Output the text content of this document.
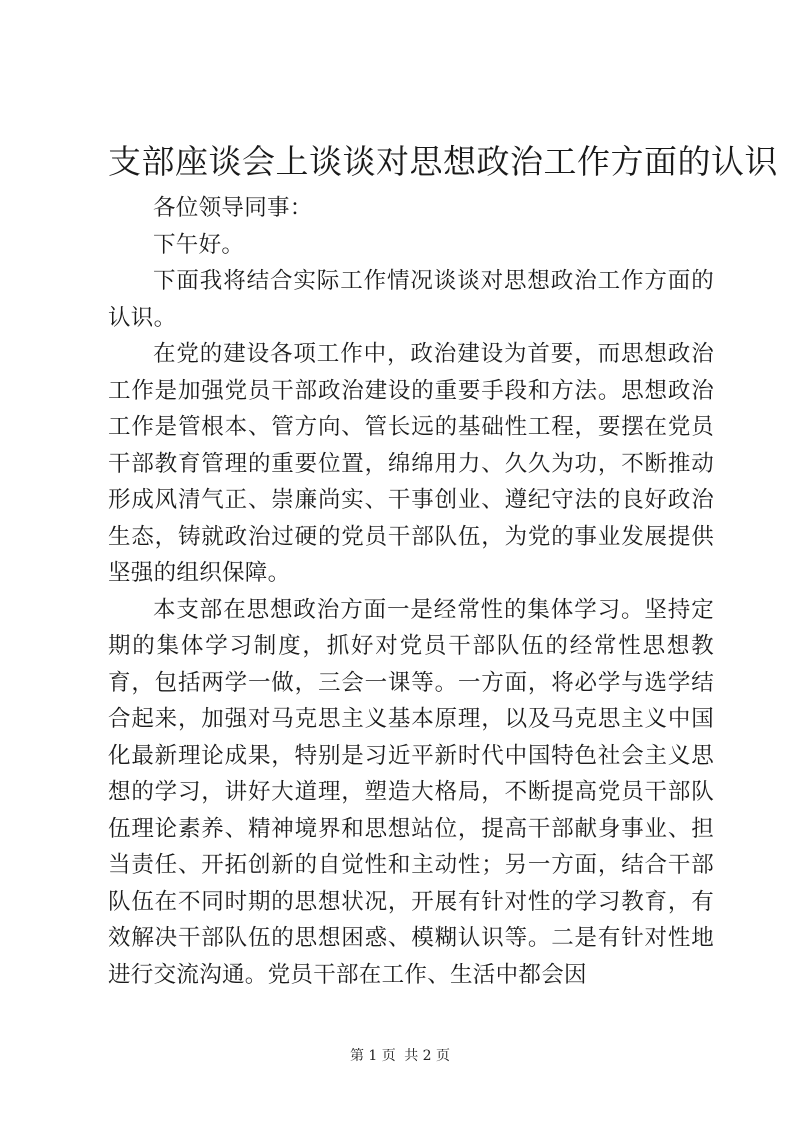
支部座谈会上谈谈对思想政治工作方面的认识

各位领导同事：

下午好。

下面我将结合实际工作情况谈谈对思想政治工作方面的认识。

在党的建设各项工作中，政治建设为首要，而思想政治工作是加强党员干部政治建设的重要手段和方法。思想政治工作是管根本、管方向、管长远的基础性工程，要摆在党员干部教育管理的重要位置，绵绵用力、久久为功，不断推动形成风清气正、崇廉尚实、干事创业、遵纪守法的良好政治生态，铸就政治过硬的党员干部队伍，为党的事业发展提供坚强的组织保障。

本支部在思想政治方面一是经常性的集体学习。坚持定期的集体学习制度，抓好对党员干部队伍的经常性思想教育，包括两学一做，三会一课等。一方面，将必学与选学结合起来，加强对马克思主义基本原理，以及马克思主义中国化最新理论成果，特别是习近平新时代中国特色社会主义思想的学习，讲好大道理，塑造大格局，不断提高党员干部队伍理论素养、精神境界和思想站位，提高干部献身事业、担当责任、开拓创新的自觉性和主动性；另一方面，结合干部队伍在不同时期的思想状况，开展有针对性的学习教育，有效解决干部队伍的思想困惑、模糊认识等。二是有针对性地进行交流沟通。党员干部在工作、生活中都会因

第 1 页 共 2 页
